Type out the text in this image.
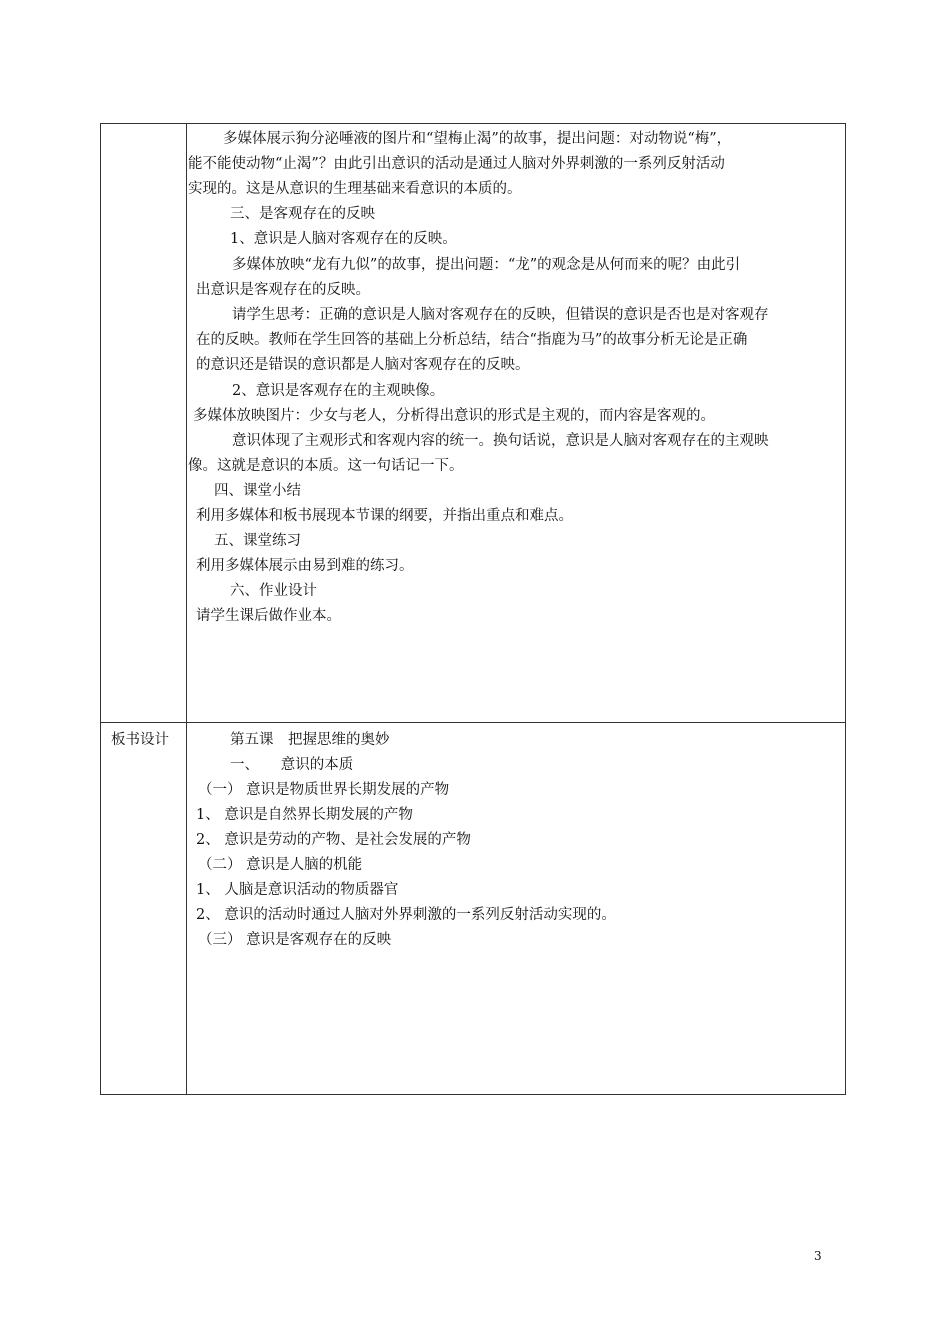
多媒体展示狗分泌唾液的图片和“望梅止渴”的故事，提出问题：对动物说“梅”，
能不能使动物“止渴”？由此引出意识的活动是通过人脑对外界刺激的一系列反射活动
实现的。这是从意识的生理基础来看意识的本质的。
三、是客观存在的反映
1、意识是人脑对客观存在的反映。
多媒体放映“龙有九似”的故事，提出问题：“龙”的观念是从何而来的呢？由此引
出意识是客观存在的反映。
请学生思考：正确的意识是人脑对客观存在的反映，但错误的意识是否也是对客观存
在的反映。教师在学生回答的基础上分析总结，结合“指鹿为马”的故事分析无论是正确
的意识还是错误的意识都是人脑对客观存在的反映。
2、意识是客观存在的主观映像。
多媒体放映图片：少女与老人，分析得出意识的形式是主观的，而内容是客观的。
意识体现了主观形式和客观内容的统一。换句话说，意识是人脑对客观存在的主观映
像。这就是意识的本质。这一句话记一下。
四、课堂小结
利用多媒体和板书展现本节课的纲要，并指出重点和难点。
五、课堂练习
利用多媒体展示由易到难的练习。
六、作业设计
请学生课后做作业本。
板书设计	第五课　把握思维的奥妙
一、　　意识的本质
（一） 意识是物质世界长期发展的产物
1、 意识是自然界长期发展的产物
2、 意识是劳动的产物、是社会发展的产物
（二） 意识是人脑的机能
1、 人脑是意识活动的物质器官
2、 意识的活动时通过人脑对外界刺激的一系列反射活动实现的。
（三） 意识是客观存在的反映
3
